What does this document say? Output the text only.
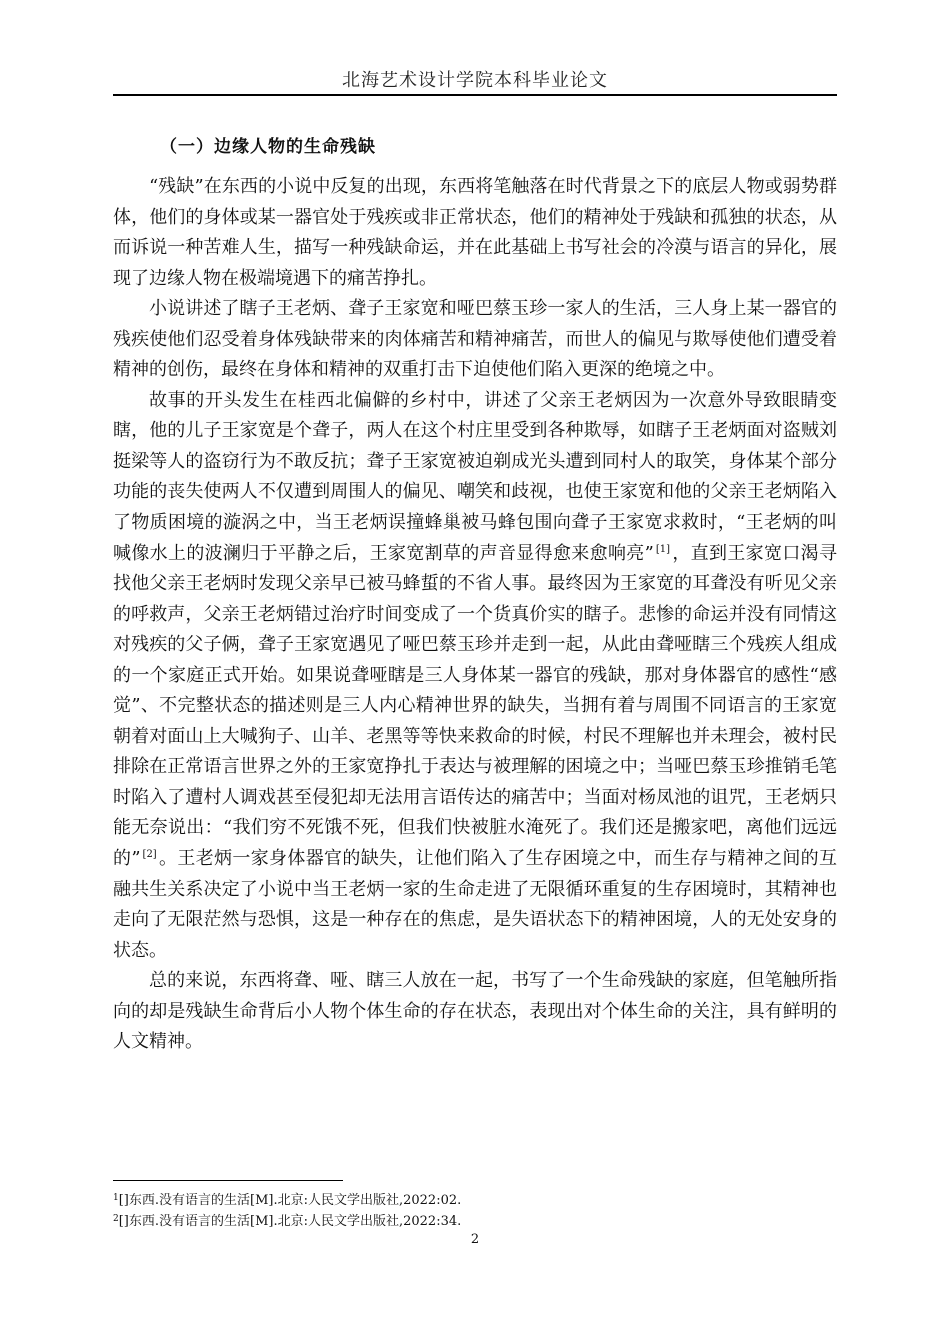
北海艺术设计学院本科毕业论文
（一）边缘人物的生命残缺

“残缺”在东西的小说中反复的出现，东西将笔触落在时代背景之下的底层人物或弱势群体，他们的身体或某一器官处于残疾或非正常状态，他们的精神处于残缺和孤独的状态，从而诉说一种苦难人生，描写一种残缺命运，并在此基础上书写社会的冷漠与语言的异化，展现了边缘人物在极端境遇下的痛苦挣扎。

小说讲述了瞎子王老炳、聋子王家宽和哑巴蔡玉珍一家人的生活，三人身上某一器官的残疾使他们忍受着身体残缺带来的肉体痛苦和精神痛苦，而世人的偏见与欺辱使他们遭受着精神的创伤，最终在身体和精神的双重打击下迫使他们陷入更深的绝境之中。

故事的开头发生在桂西北偏僻的乡村中，讲述了父亲王老炳因为一次意外导致眼睛变瞎，他的儿子王家宽是个聋子，两人在这个村庄里受到各种欺辱，如瞎子王老炳面对盗贼刘挺梁等人的盗窃行为不敢反抗；聋子王家宽被迫剃成光头遭到同村人的取笑，身体某个部分功能的丧失使两人不仅遭到周围人的偏见、嘲笑和歧视，也使王家宽和他的父亲王老炳陷入了物质困境的漩涡之中，当王老炳误撞蜂巢被马蜂包围向聋子王家宽求救时，“王老炳的叫喊像水上的波澜归于平静之后，王家宽割草的声音显得愈来愈响亮” [1] ，直到王家宽口渴寻找他父亲王老炳时发现父亲早已被马蜂蜇的不省人事。最终因为王家宽的耳聋没有听见父亲的呼救声，父亲王老炳错过治疗时间变成了一个货真价实的瞎子。悲惨的命运并没有同情这对残疾的父子俩，聋子王家宽遇见了哑巴蔡玉珍并走到一起，从此由聋哑瞎三个残疾人组成的一个家庭正式开始。如果说聋哑瞎是三人身体某一器官的残缺，那对身体器官的感性“感觉”、不完整状态的描述则是三人内心精神世界的缺失，当拥有着与周围不同语言的王家宽朝着对面山上大喊狗子、山羊、老黑等等快来救命的时候，村民不理解也并未理会，被村民排除在正常语言世界之外的王家宽挣扎于表达与被理解的困境之中；当哑巴蔡玉珍推销毛笔时陷入了遭村人调戏甚至侵犯却无法用言语传达的痛苦中；当面对杨凤池的诅咒，王老炳只能无奈说出：“我们穷不死饿不死，但我们快被脏水淹死了。我们还是搬家吧，离他们远远的” [2] 。王老炳一家身体器官的缺失，让他们陷入了生存困境之中，而生存与精神之间的互融共生关系决定了小说中当王老炳一家的生命走进了无限循环重复的生存困境时，其精神也走向了无限茫然与恐惧，这是一种存在的焦虑，是失语状态下的精神困境，人的无处安身的状态。

总的来说，东西将聋、哑、瞎三人放在一起，书写了一个生命残缺的家庭，但笔触所指向的却是残缺生命背后小人物个体生命的存在状态，表现出对个体生命的关注，具有鲜明的人文精神。

$^1$[]东西.没有语言的生活[M].北京:人民文学出版社,2022:02.
$^2$[]东西.没有语言的生活[M].北京:人民文学出版社,2022:34.
2
